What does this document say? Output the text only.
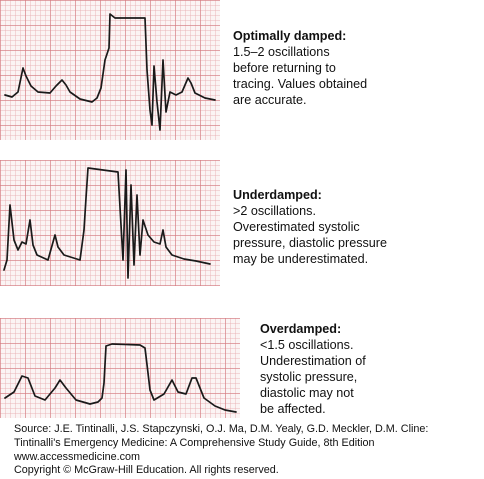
Optimally damped:
1.5–2 oscillations
before returning to
tracing. Values obtained
are accurate.
Underdamped:
>2 oscillations.
Overestimated systolic
pressure, diastolic pressure
may be underestimated.
Overdamped:
<1.5 oscillations.
Underestimation of
systolic pressure,
diastolic may not
be affected.
Source: J.E. Tintinalli, J.S. Stapczynski, O.J. Ma, D.M. Yealy, G.D. Meckler, D.M. Cline:
Tintinalli's Emergency Medicine: A Comprehensive Study Guide, 8th Edition
www.accessmedicine.com
Copyright © McGraw-Hill Education. All rights reserved.
